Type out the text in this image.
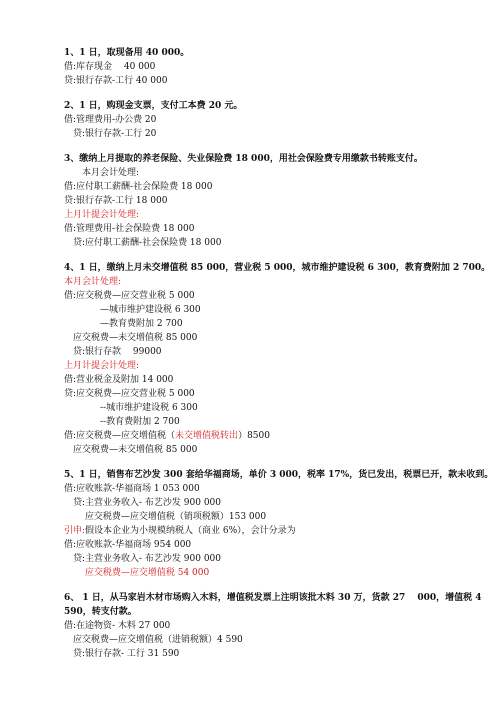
1、1 日，取现备用 40 000。
借:库存现金　 40 000
贷:银行存款-工行 40 000
2、1 日，购现金支票，支付工本费 20 元。
借:管理费用-办公费 20
　贷:银行存款-工行 20
3、缴纳上月提取的养老保险、失业保险费 18 000，用社会保险费专用缴款书转账支付。
　　本月会计处理:
借:应付职工薪酬-社会保险费 18 000
贷:银行存款-工行 18 000
上月计提会计处理:
借:管理费用-社会保险费 18 000
　贷:应付职工薪酬-社会保险费 18 000
4、1 日，缴纳上月未交增值税 85 000，营业税 5 000，城市维护建设税 6 300，教育费附加 2 700。
本月会计处理:
借:应交税费—应交营业税 5 000
　　　　—城市维护建设税 6 300
　　　　—教育费附加 2 700
　应交税费—未交增值税 85 000
　贷:银行存款　 99000
上月计提会计处理:
借:营业税金及附加 14 000
贷:应交税费—应交营业税 5 000
　　　　--城市维护建设税 6 300
　　　　--教育费附加 2 700
借:应交税费—应交增值税（未交增值税转出）8500
　应交税费—未交增值税 85 000
5、1 日，销售布艺沙发 300 套给华福商场，单价 3 000，税率 17%，货已发出，税票已开，款未收到。
借:应收账款-华福商场 1 053 000
　贷:主营业务收入- 布艺沙发 900 000
　　 应交税费—应交增值税（销项税额）153 000
引申:假设本企业为小规模纳税人（商业 6%），会计分录为
借:应收账款-华福商场 954 000
　贷:主营业务收入- 布艺沙发 900 000
　　 应交税费—应交增值税 54 000
6、 1 日，从马家岩木材市场购入木料，增值税发票上注明该批木料 30 万，货款 27　 000，增值税 4
590，转支付款。
借:在途物资- 木料 27 000
　应交税费—应交增值税（进销税额）4 590
　贷:银行存款- 工行 31 590
